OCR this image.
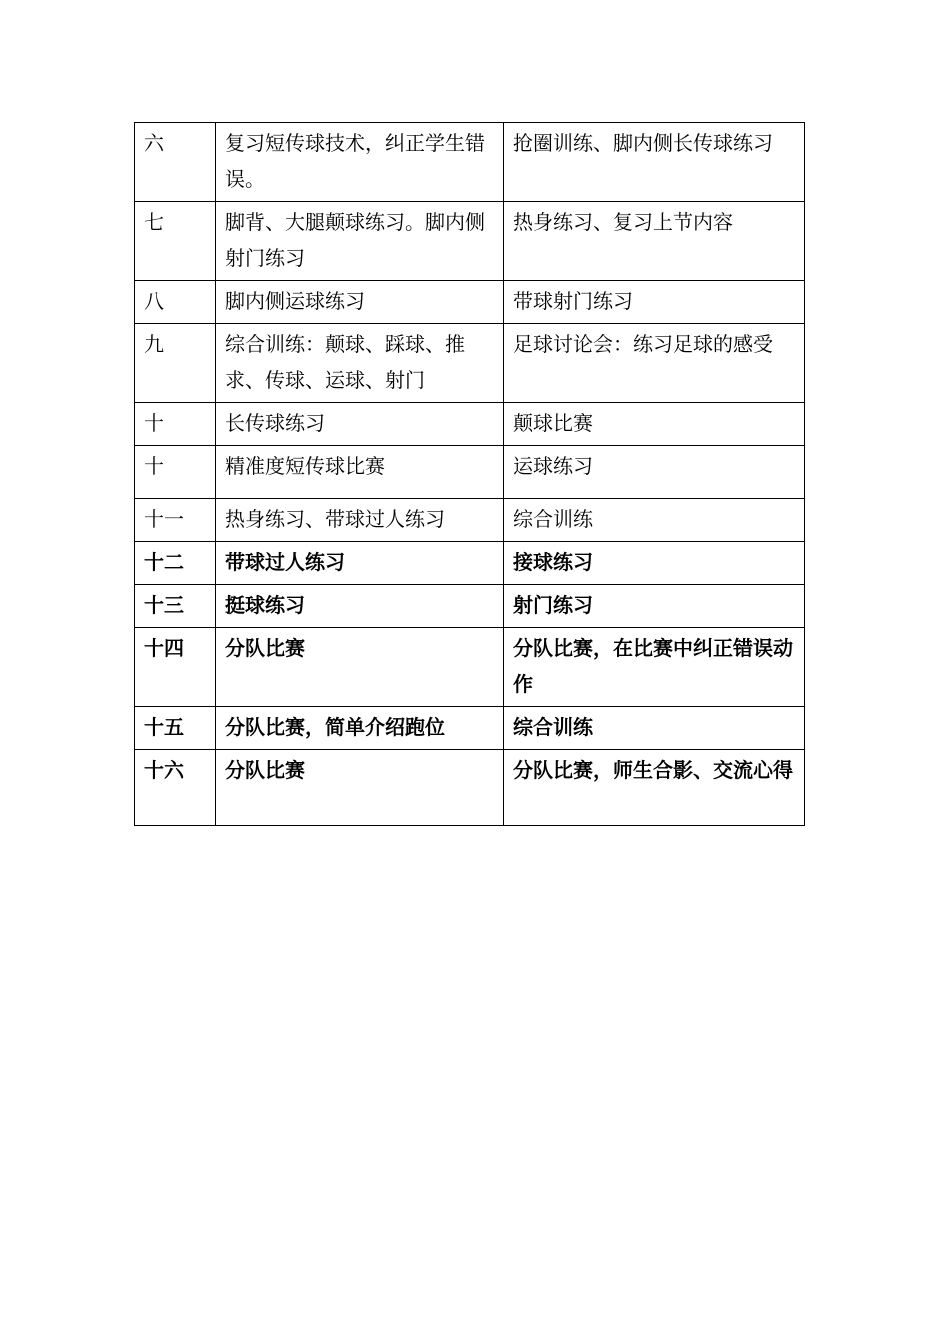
六	复习短传球技术，纠正学生错误。	抢圈训练、脚内侧长传球练习
七	脚背、大腿颠球练习。脚内侧射门练习	热身练习、复习上节内容
八	脚内侧运球练习	带球射门练习
九	综合训练：颠球、踩球、推求、传球、运球、射门	足球讨论会：练习足球的感受
十	长传球练习	颠球比赛
十	精准度短传球比赛	运球练习
十一	热身练习、带球过人练习	综合训练
十二	带球过人练习	接球练习
十三	挺球练习	射门练习
十四	分队比赛	分队比赛，在比赛中纠正错误动作
十五	分队比赛，简单介绍跑位	综合训练
十六	分队比赛	分队比赛，师生合影、交流心得
